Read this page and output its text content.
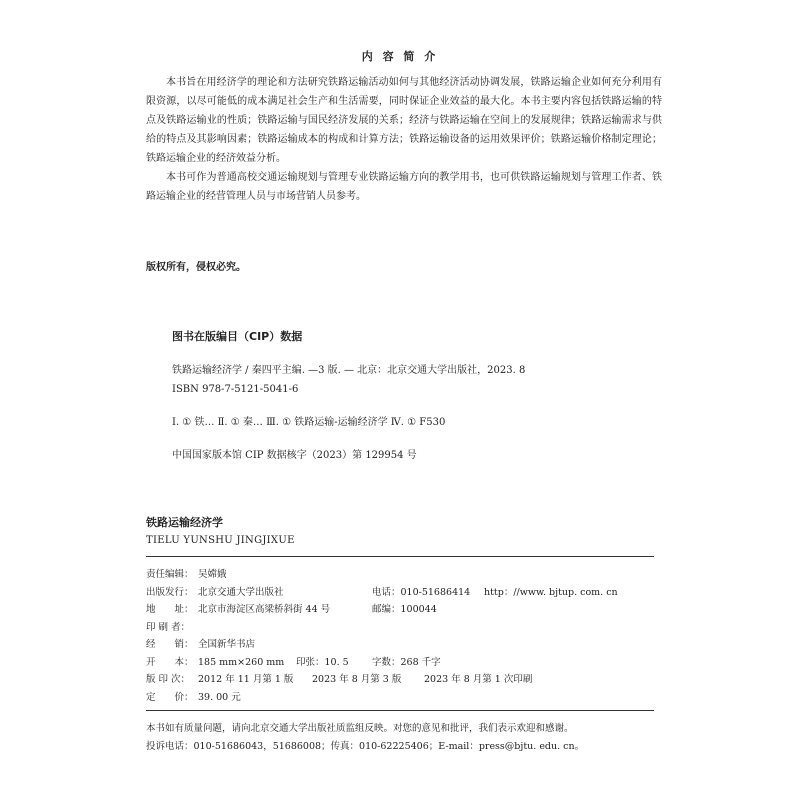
内 容 简 介

本书旨在用经济学的理论和方法研究铁路运输活动如何与其他经济活动协调发展，铁路运输企业如何充分利用有限资源，以尽可能低的成本满足社会生产和生活需要，同时保证企业效益的最大化。本书主要内容包括铁路运输的特点及铁路运输业的性质；铁路运输与国民经济发展的关系；经济与铁路运输在空间上的发展规律；铁路运输需求与供给的特点及其影响因素；铁路运输成本的构成和计算方法；铁路运输设备的运用效果评价；铁路运输价格制定理论；铁路运输企业的经济效益分析。

本书可作为普通高校交通运输规划与管理专业铁路运输方向的教学用书，也可供铁路运输规划与管理工作者、铁路运输企业的经营管理人员与市场营销人员参考。

版权所有，侵权必究。
图书在版编目（CIP）数据
铁路运输经济学 / 秦四平主编. —3 版. — 北京：北京交通大学出版社，2023. 8
ISBN 978-7-5121-5041-6
Ⅰ. ① 铁… Ⅱ. ① 秦… Ⅲ. ① 铁路运输-运输经济学 Ⅳ. ① F530
中国国家版本馆 CIP 数据核字（2023）第 129954 号
铁路运输经济学
TIELU YUNSHU JINGJIXUE
责任编辑： 吴嫦娥
出版发行： 北京交通大学出版社	电话：010-51686414 http：//www. bjtup. com. cn
地　　址： 北京市海淀区高梁桥斜街 44 号	邮编：100044
印 刷 者：
经　　销： 全国新华书店
开　　本： 185 mm×260 mm 印张：10. 5 字数：268 千字
版 印 次： 2012 年 11 月第 1 版 2023 年 8 月第 3 版 2023 年 8 月第 1 次印刷
定　　价： 39. 00 元
本书如有质量问题，请向北京交通大学出版社质监组反映。对您的意见和批评，我们表示欢迎和感谢。
投诉电话：010-51686043，51686008；传真：010-62225406；E-mail：press@bjtu. edu. cn。
